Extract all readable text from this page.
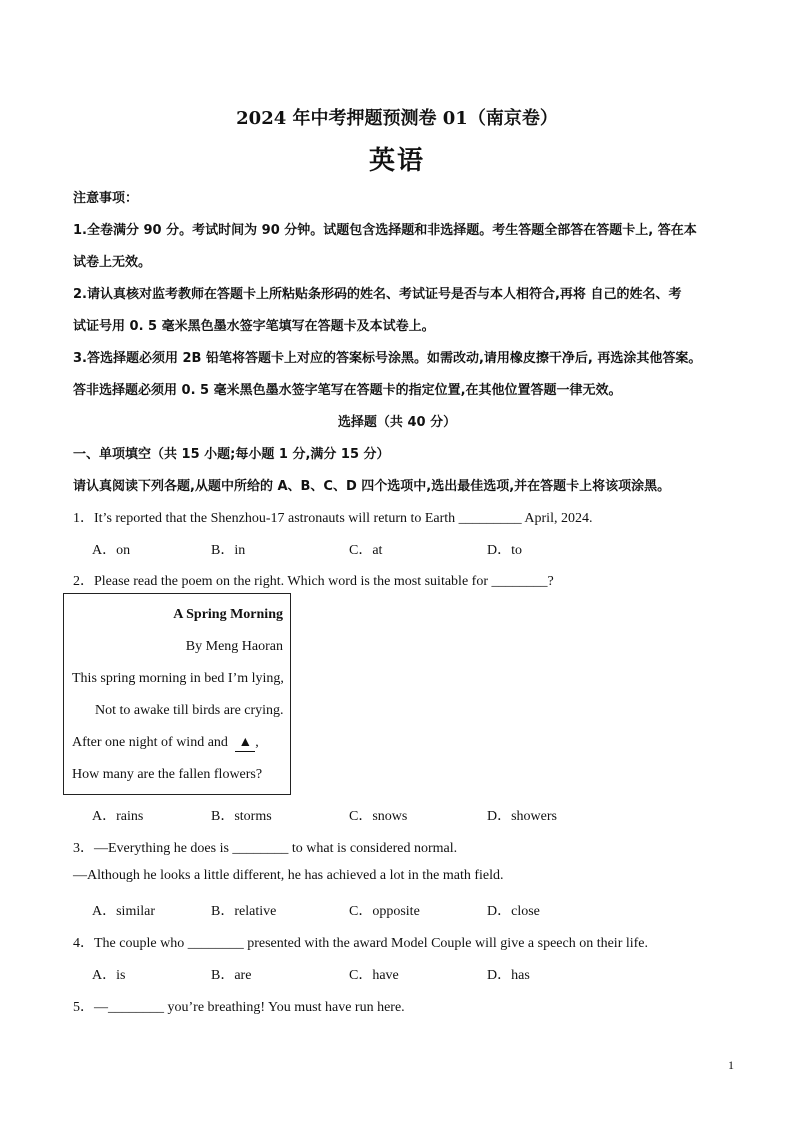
2024 年中考押题预测卷 01（南京卷）
英语
注意事项：
1.全卷满分 90 分。考试时间为 90 分钟。试题包含选择题和非选择题。考生答题全部答在答题卡上, 答在本
试卷上无效。
2.请认真核对监考教师在答题卡上所粘贴条形码的姓名、考试证号是否与本人相符合,再将 自己的姓名、考
试证号用 0. 5 毫米黑色墨水签字笔填写在答题卡及本试卷上。
3.答选择题必须用 2B 铅笔将答题卡上对应的答案标号涂黑。如需改动,请用橡皮擦干净后, 再选涂其他答案。
答非选择题必须用 0. 5 毫米黑色墨水签字笔写在答题卡的指定位置,在其他位置答题一律无效。
选择题（共 40 分）
一、单项填空（共 15 小题;每小题 1 分,满分 15 分）
请认真阅读下列各题,从题中所给的 A、B、C、D 四个选项中,选出最佳选项,并在答题卡上将该项涂黑。
1．It’s reported that the Shenzhou-17 astronauts will return to Earth _________ April, 2024.
A．on	B．in	C．at	D．to
2．Please read the poem on the right. Which word is the most suitable for ________?
A Spring Morning
By Meng Haoran
This spring morning in bed I’m lying,
Not to awake till birds are crying.
After one night of wind and ▲ ,
How many are the fallen flowers?
A．rains	B．storms	C．snows	D．showers
3．—Everything he does is ________ to what is considered normal.
—Although he looks a little different, he has achieved a lot in the math field.
A．similar	B．relative	C．opposite	D．close
4．The couple who ________ presented with the award Model Couple will give a speech on their life.
A．is	B．are	C．have	D．has
5．—________ you’re breathing! You must have run here.
1
